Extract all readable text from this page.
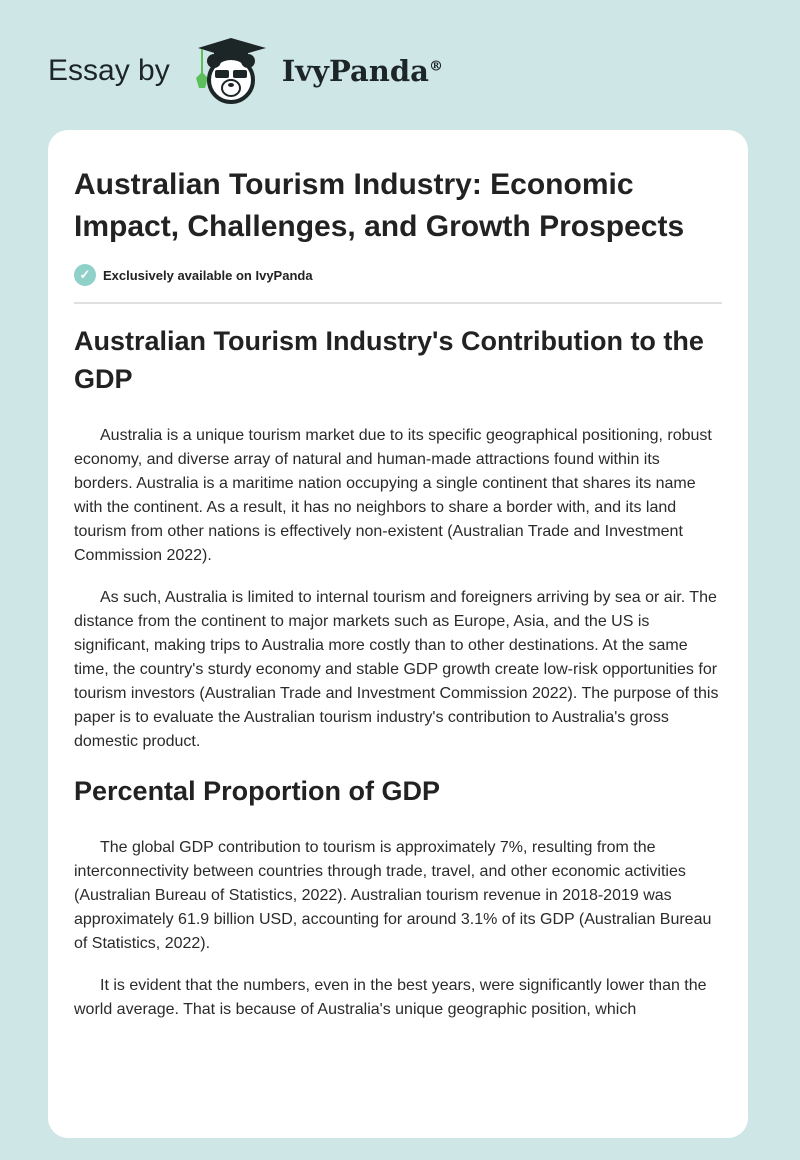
Essay by	IvyPanda®
Australian Tourism Industry: Economic Impact, Challenges, and Growth Prospects
✓ Exclusively available on IvyPanda
Australian Tourism Industry's Contribution to the GDP

Australia is a unique tourism market due to its specific geographical positioning, robust economy, and diverse array of natural and human-made attractions found within its borders. Australia is a maritime nation occupying a single continent that shares its name with the continent. As a result, it has no neighbors to share a border with, and its land tourism from other nations is effectively non-existent (Australian Trade and Investment Commission 2022).

As such, Australia is limited to internal tourism and foreigners arriving by sea or air. The distance from the continent to major markets such as Europe, Asia, and the US is significant, making trips to Australia more costly than to other destinations. At the same time, the country's sturdy economy and stable GDP growth create low-risk opportunities for tourism investors (Australian Trade and Investment Commission 2022). The purpose of this paper is to evaluate the Australian tourism industry's contribution to Australia's gross domestic product.

Percental Proportion of GDP

The global GDP contribution to tourism is approximately 7%, resulting from the interconnectivity between countries through trade, travel, and other economic activities (Australian Bureau of Statistics, 2022). Australian tourism revenue in 2018-2019 was approximately 61.9 billion USD, accounting for around 3.1% of its GDP (Australian Bureau of Statistics, 2022).

It is evident that the numbers, even in the best years, were significantly lower than the world average. That is because of Australia's unique geographic position, which
